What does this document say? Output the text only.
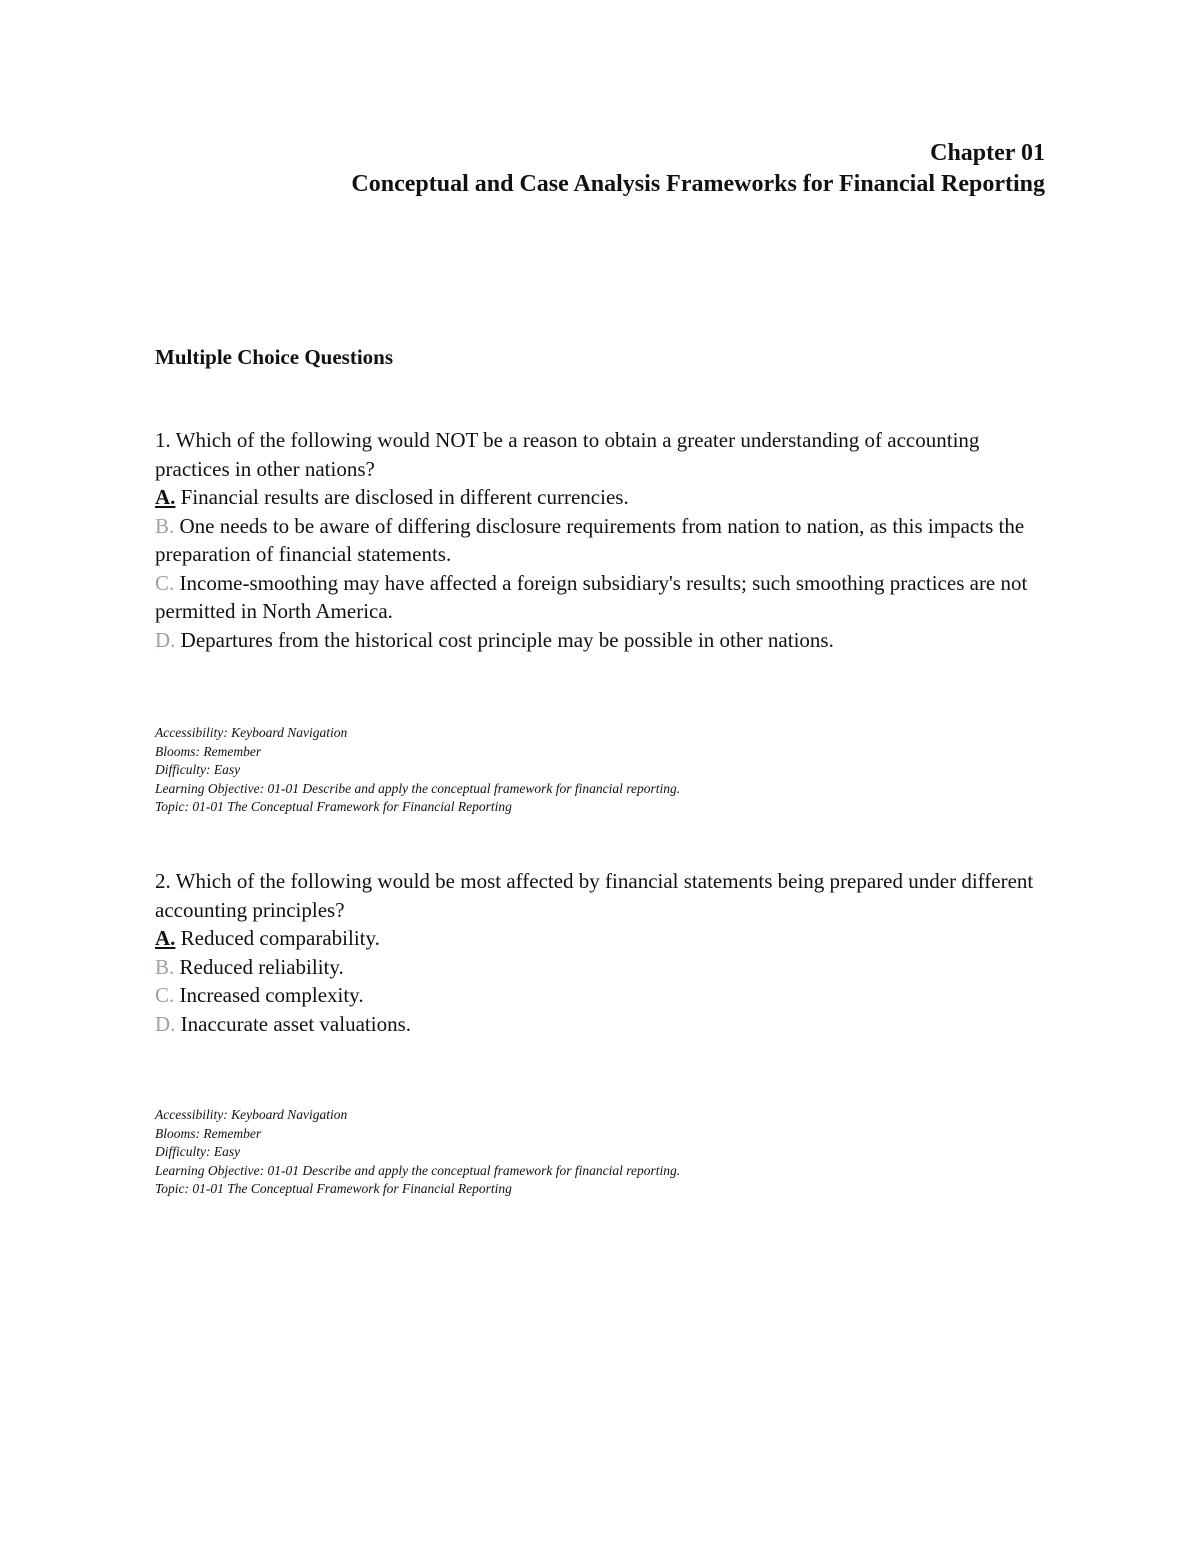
Chapter 01
Conceptual and Case Analysis Frameworks for Financial Reporting
Multiple Choice Questions

1. Which of the following would NOT be a reason to obtain a greater understanding of accounting practices in other nations?

A. Financial results are disclosed in different currencies.
B. One needs to be aware of differing disclosure requirements from nation to nation, as this impacts the preparation of financial statements.
C. Income-smoothing may have affected a foreign subsidiary's results; such smoothing practices are not permitted in North America.
D. Departures from the historical cost principle may be possible in other nations.

Accessibility: Keyboard Navigation

Blooms: Remember

Difficulty: Easy

Learning Objective: 01-01 Describe and apply the conceptual framework for financial reporting.

Topic: 01-01 The Conceptual Framework for Financial Reporting

2. Which of the following would be most affected by financial statements being prepared under different accounting principles?

A. Reduced comparability.
B. Reduced reliability.
C. Increased complexity.
D. Inaccurate asset valuations.

Accessibility: Keyboard Navigation

Blooms: Remember

Difficulty: Easy

Learning Objective: 01-01 Describe and apply the conceptual framework for financial reporting.

Topic: 01-01 The Conceptual Framework for Financial Reporting
